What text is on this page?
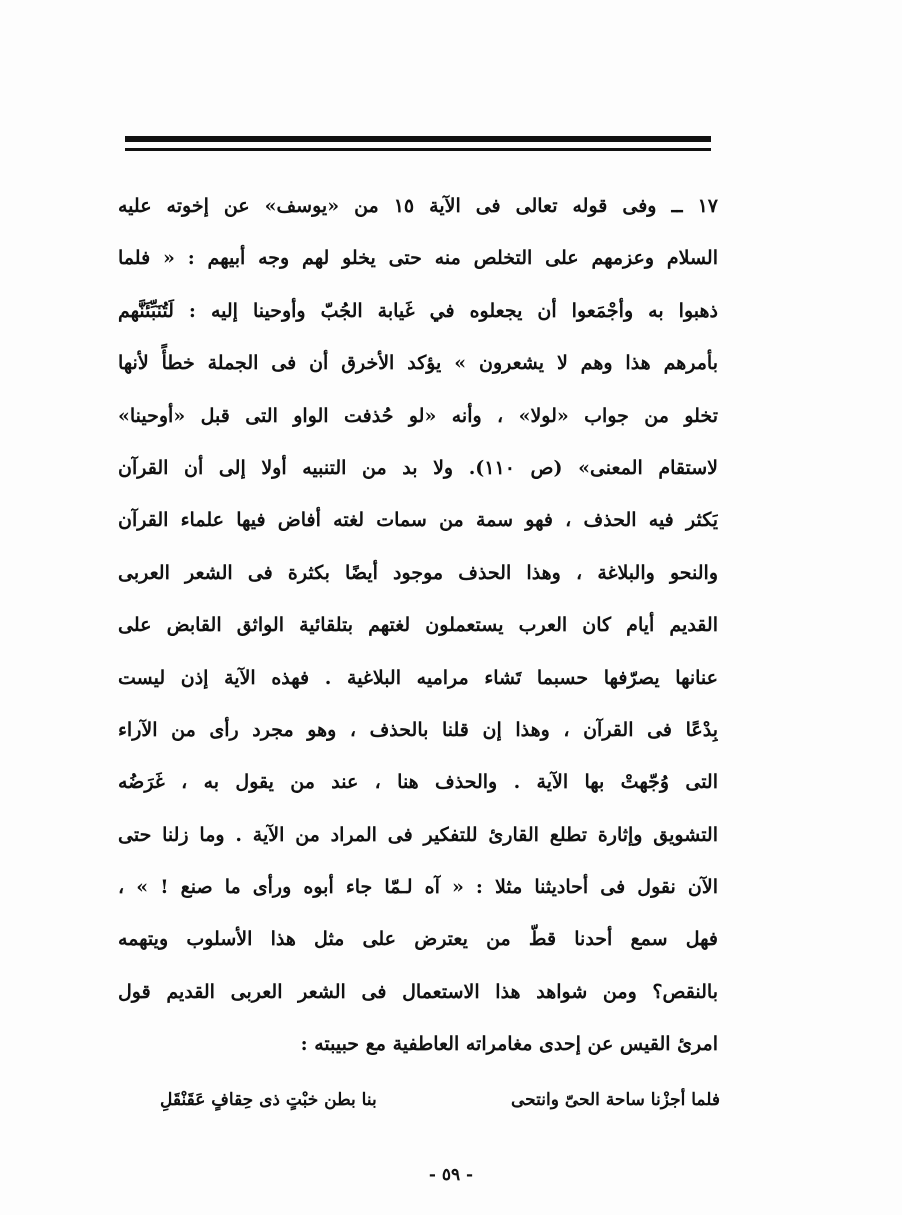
١٧ ــ وفى قوله تعالى فى الآية ١٥ من «يوسف» عن إخوته عليه
السلام وعزمهم على التخلص منه حتى يخلو لهم وجه أبيهم : « فلما
ذهبوا به وأجْمَعوا أن يجعلوه في غَيابة الجُبّ وأوحينا إليه : لَتُنَبِّئَنَّهم
بأمرهم هذا وهم لا يشعرون » يؤكد الأخرق أن فى الجملة خطأً لأنها
تخلو من جواب «لولا» ، وأنه «لو حُذفت الواو التى قبل «أوحينا»
لاستقام المعنى» (ص ١١٠). ولا بد من التنبيه أولا إلى أن القرآن
يَكثر فيه الحذف ، فهو سمة من سمات لغته أفاض فيها علماء القرآن
والنحو والبلاغة ، وهذا الحذف موجود أيضًا بكثرة فى الشعر العربى
القديم أيام كان العرب يستعملون لغتهم بتلقائية الواثق القابض على
عنانها يصرّفها حسبما تَشاء مراميه البلاغية . فهذه الآية إذن ليست
بِدْعًا فى القرآن ، وهذا إن قلنا بالحذف ، وهو مجرد رأى من الآراء
التى وُجّهتْ بها الآية . والحذف هنا ، عند من يقول به ، غَرَضُه
التشويق وإثارة تطلع القارئ للتفكير فى المراد من الآية . وما زلنا حتى
الآن نقول فى أحاديثنا مثلا : « آه لـمّا جاء أبوه ورأى ما صنع ! » ،
فهل سمع أحدنا قطّ من يعترض على مثل هذا الأسلوب ويتهمه
بالنقص؟ ومن شواهد هذا الاستعمال فى الشعر العربى القديم قول
امرئ القيس عن إحدى مغامراته العاطفية مع حبيبته :
فلما أجزْنا ساحة الحىّ وانتحى
بنا بطن خبْتٍ ذى حِقافٍ عَقَنْقَلِ
- ٥٩ -
